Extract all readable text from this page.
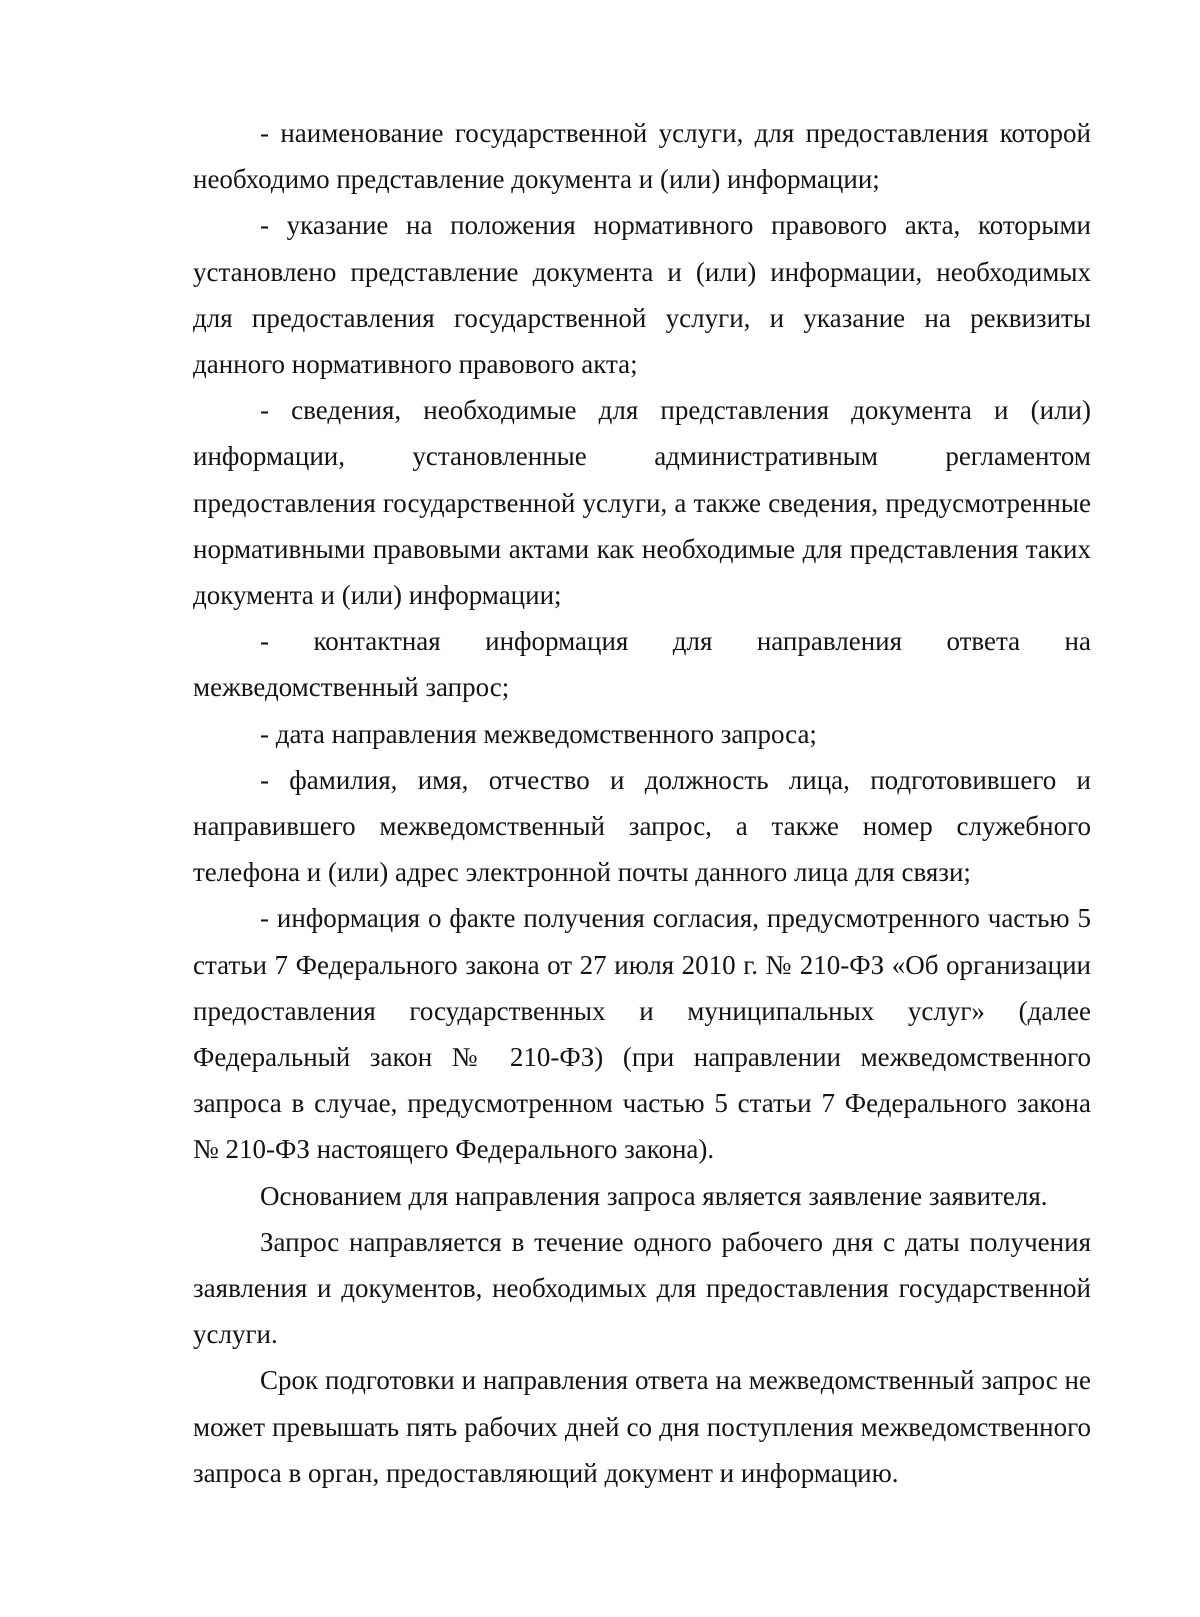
- наименование государственной услуги, для предоставления которой необходимо представление документа и (или) информации;

- указание на положения нормативного правового акта, которыми установлено представление документа и (или) информации, необходимых для предоставления государственной услуги, и указание на реквизиты данного нормативного правового акта;

- сведения, необходимые для представления документа и (или) информации, установленные административным регламентом предоставления государственной услуги, а также сведения, предусмотренные нормативными правовыми актами как необходимые для представления таких документа и (или) информации;

- контактная информация для направления ответа на межведомственный запрос;

- дата направления межведомственного запроса;

- фамилия, имя, отчество и должность лица, подготовившего и направившего межведомственный запрос, а также номер служебного телефона и (или) адрес электронной почты данного лица для связи;

- информация о факте получения согласия, предусмотренного частью 5 статьи 7 Федерального закона от 27 июля 2010 г. № 210-ФЗ «Об организации предоставления государственных и муниципальных услуг» (далее Федеральный закон № 210-ФЗ) (при направлении межведомственного запроса в случае, предусмотренном частью 5 статьи 7 Федерального закона № 210-ФЗ настоящего Федерального закона).

Основанием для направления запроса является заявление заявителя.

Запрос направляется в течение одного рабочего дня с даты получения заявления и документов, необходимых для предоставления государственной услуги.

Срок подготовки и направления ответа на межведомственный запрос не может превышать пять рабочих дней со дня поступления межведомственного запроса в орган, предоставляющий документ и информацию.
